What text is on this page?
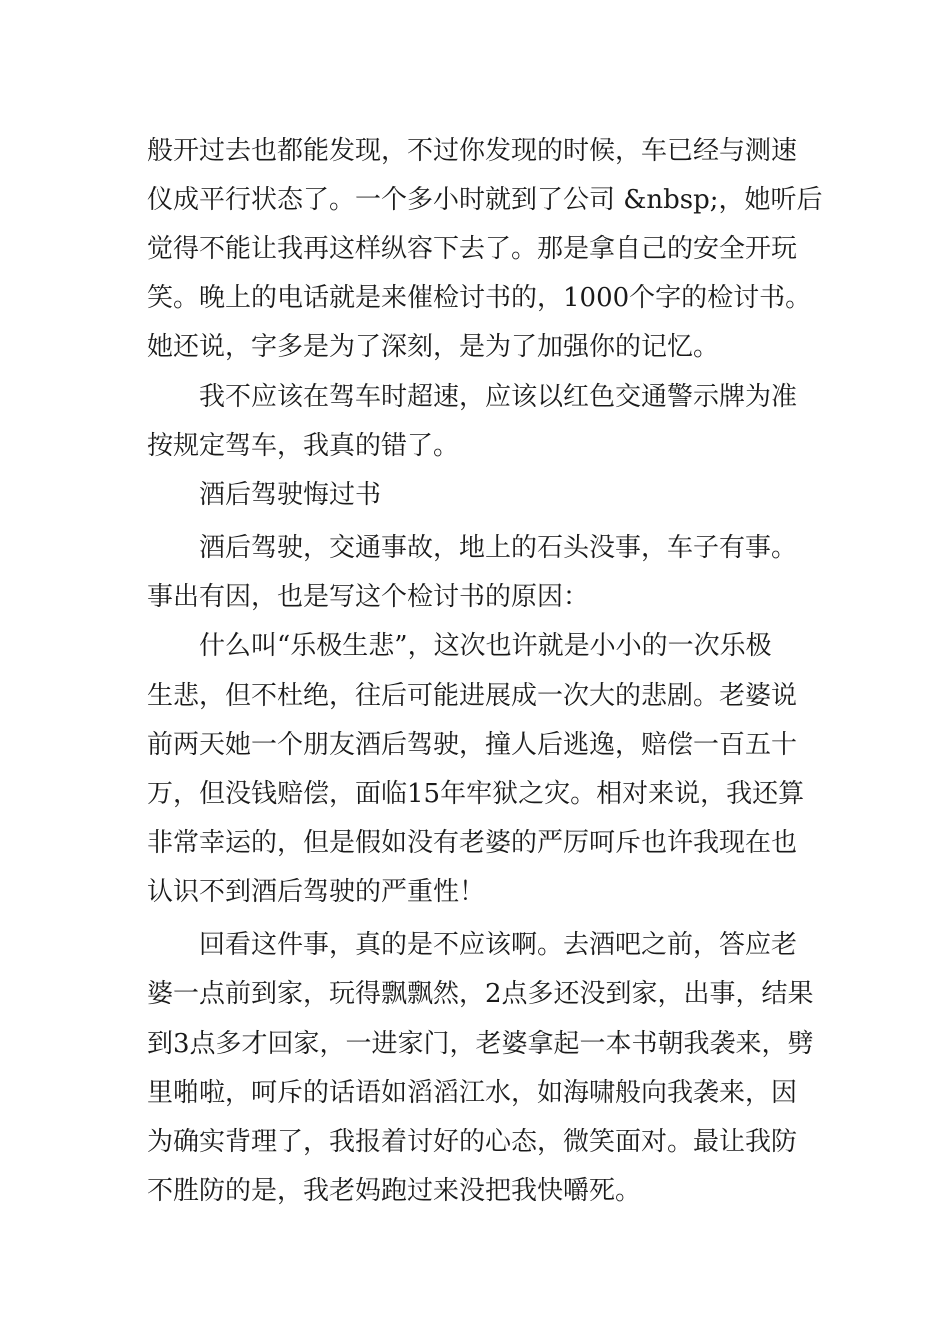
般开过去也都能发现，不过你发现的时候，车已经与测速
仪成平行状态了。一个多小时就到了公司 &nbsp;，她听后
觉得不能让我再这样纵容下去了。那是拿自己的安全开玩
笑。晚上的电话就是来催检讨书的，1000个字的检讨书。
她还说，字多是为了深刻，是为了加强你的记忆。
我不应该在驾车时超速，应该以红色交通警示牌为准
按规定驾车，我真的错了。
酒后驾驶悔过书
酒后驾驶，交通事故，地上的石头没事，车子有事。
事出有因，也是写这个检讨书的原因：
什么叫“乐极生悲”，这次也许就是小小的一次乐极
生悲，但不杜绝，往后可能进展成一次大的悲剧。老婆说
前两天她一个朋友酒后驾驶，撞人后逃逸，赔偿一百五十
万，但没钱赔偿，面临15年牢狱之灾。相对来说，我还算
非常幸运的，但是假如没有老婆的严厉呵斥也许我现在也
认识不到酒后驾驶的严重性！
回看这件事，真的是不应该啊。去酒吧之前，答应老
婆一点前到家，玩得飘飘然，2点多还没到家，出事，结果
到3点多才回家，一进家门，老婆拿起一本书朝我袭来，劈
里啪啦，呵斥的话语如滔滔江水，如海啸般向我袭来，因
为确实背理了，我报着讨好的心态，微笑面对。最让我防
不胜防的是，我老妈跑过来没把我快嚼死。
